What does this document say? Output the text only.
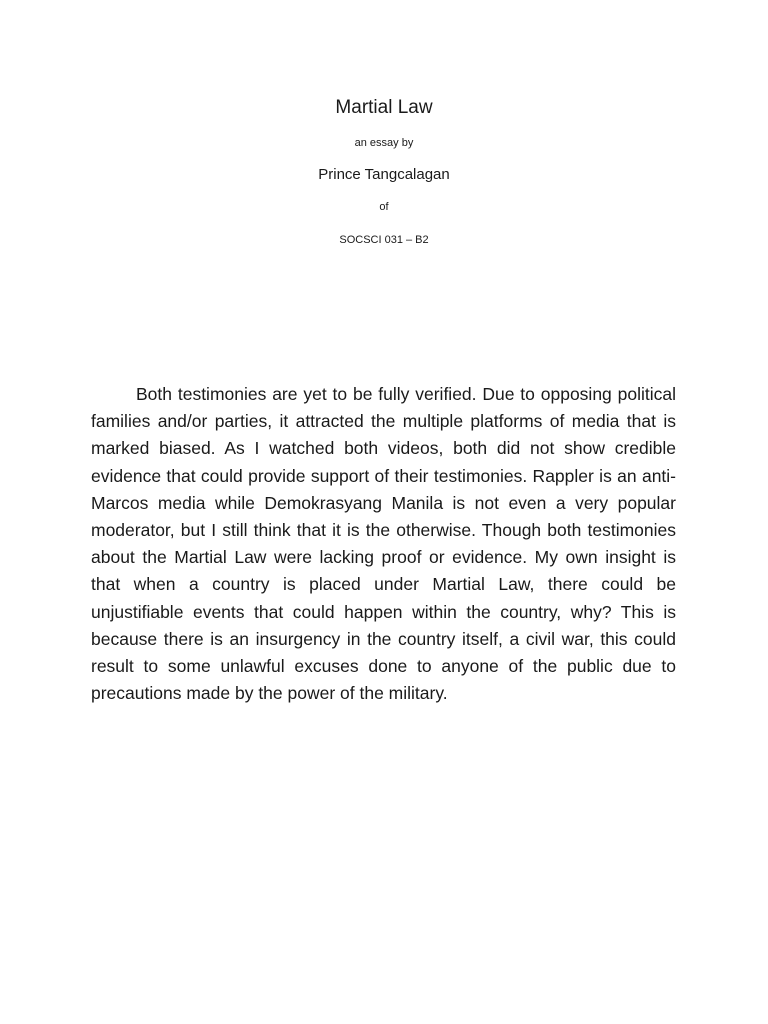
Martial Law
an essay by
Prince Tangcalagan
of
SOCSCI 031 – B2

Both testimonies are yet to be fully verified. Due to opposing political families and/or parties, it attracted the multiple platforms of media that is marked biased. As I watched both videos, both did not show credible evidence that could provide support of their testimonies. Rappler is an anti-Marcos media while Demokrasyang Manila is not even a very popular moderator, but I still think that it is the otherwise. Though both testimonies about the Martial Law were lacking proof or evidence. My own insight is that when a country is placed under Martial Law, there could be unjustifiable events that could happen within the country, why? This is because there is an insurgency in the country itself, a civil war, this could result to some unlawful excuses done to anyone of the public due to precautions made by the power of the military.
